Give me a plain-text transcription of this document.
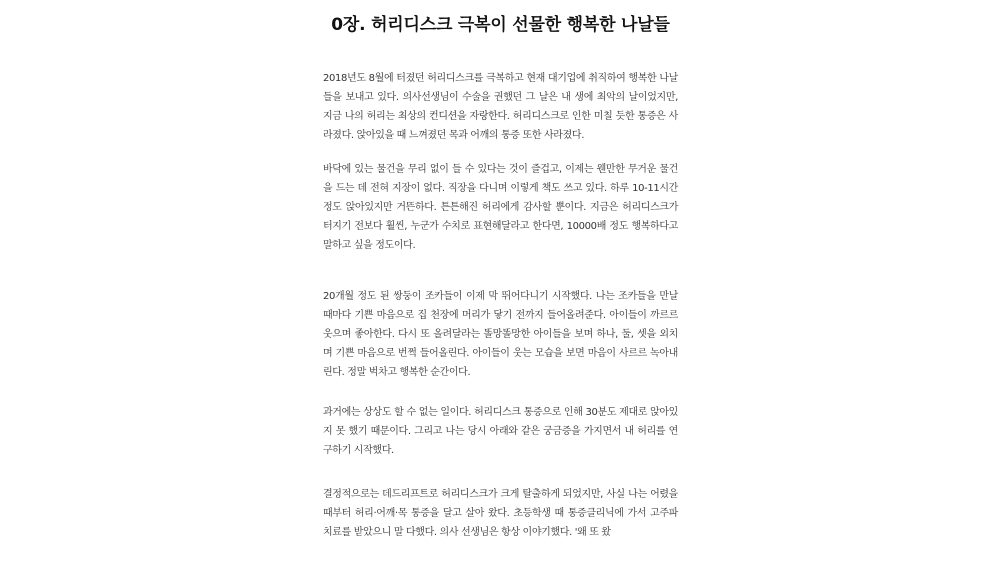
0장. 허리디스크 극복이 선물한 행복한 나날들

2018년도 8월에 터졌던 허리디스크를 극복하고 현재 대기업에 취직하여 행복한 나날들을 보내고 있다. 의사선생님이 수술을 권했던 그 날은 내 생에 최악의 날이었지만, 지금 나의 허리는 최상의 컨디션을 자랑한다. 허리디스크로 인한 미칠 듯한 통증은 사라졌다. 앉아있을 때 느껴졌던 목과 어깨의 통증 또한 사라졌다.

바닥에 있는 물건을 무리 없이 들 수 있다는 것이 즐겁고, 이제는 웬만한 무거운 물건을 드는 데 전혀 지장이 없다. 직장을 다니며 이렇게 책도 쓰고 있다. 하루 10-11시간 정도 앉아있지만 거뜬하다. 튼튼해진 허리에게 감사할 뿐이다. 지금은 허리디스크가 터지기 전보다 훨씬, 누군가 수치로 표현해달라고 한다면, 10000배 정도 행복하다고 말하고 싶을 정도이다.

20개월 정도 된 쌍둥이 조카들이 이제 막 뛰어다니기 시작했다. 나는 조카들을 만날 때마다 기쁜 마음으로 집 천장에 머리가 닿기 전까지 들어올려준다. 아이들이 까르르 웃으며 좋아한다. 다시 또 올려달라는 똘망똘망한 아이들을 보며 하나, 둘, 셋을 외치며 기쁜 마음으로 번쩍 들어올린다. 아이들이 웃는 모습을 보면 마음이 사르르 녹아내린다. 정말 벅차고 행복한 순간이다.

과거에는 상상도 할 수 없는 일이다. 허리디스크 통증으로 인해 30분도 제대로 앉아있지 못 했기 때문이다. 그리고 나는 당시 아래와 같은 궁금증을 가지면서 내 허리를 연구하기 시작했다.

결정적으로는 데드리프트로 허리디스크가 크게 탈출하게 되었지만, 사실 나는 어렸을 때부터 허리·어깨·목 통증을 달고 살아 왔다. 초등학생 때 통증클리닉에 가서 고주파 치료를 받았으니 말 다했다. 의사 선생님은 항상 이야기했다. '왜 또 왔
